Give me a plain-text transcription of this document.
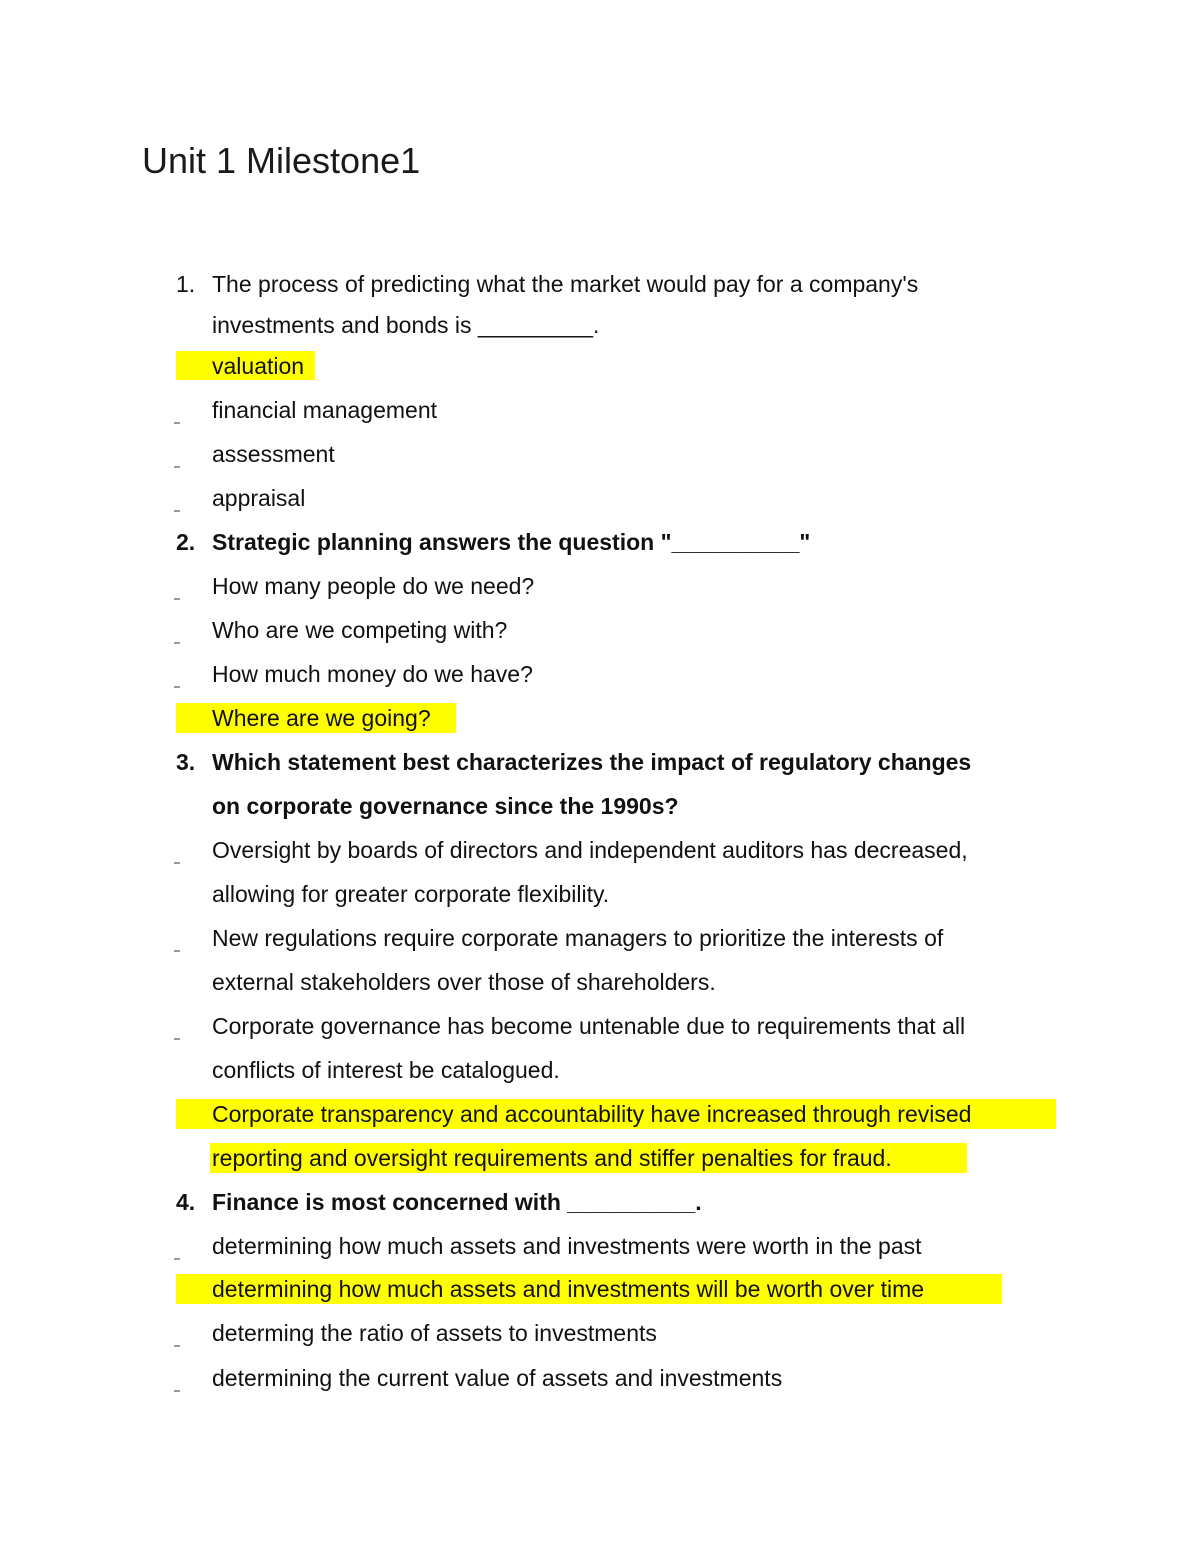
Unit 1 Milestone1
1. The process of predicting what the market would pay for a company's
investments and bonds is _________.
valuation
financial management
assessment
appraisal
2. Strategic planning answers the question "__________"
How many people do we need?
Who are we competing with?
How much money do we have?
Where are we going?
3. Which statement best characterizes the impact of regulatory changes
on corporate governance since the 1990s?
Oversight by boards of directors and independent auditors has decreased,
allowing for greater corporate flexibility.
New regulations require corporate managers to prioritize the interests of
external stakeholders over those of shareholders.
Corporate governance has become untenable due to requirements that all
conflicts of interest be catalogued.
Corporate transparency and accountability have increased through revised
reporting and oversight requirements and stiffer penalties for fraud.
4. Finance is most concerned with __________.
determining how much assets and investments were worth in the past
determining how much assets and investments will be worth over time
determing the ratio of assets to investments
determining the current value of assets and investments
